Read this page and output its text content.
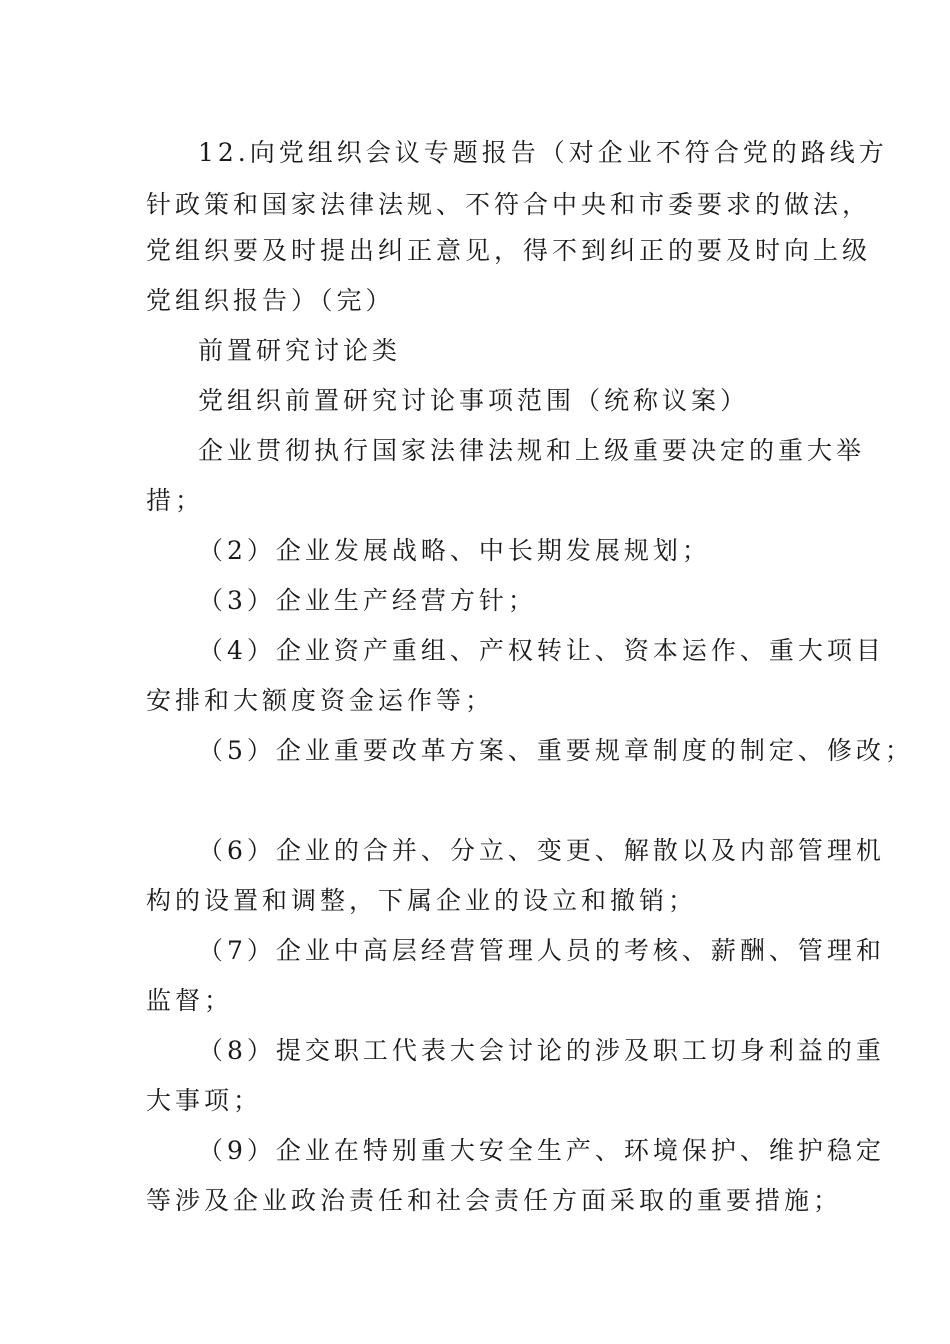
12.向党组织会议专题报告（对企业不符合党的路线方
针政策和国家法律法规、不符合中央和市委要求的做法，
党组织要及时提出纠正意见，得不到纠正的要及时向上级
党组织报告）（完）
前置研究讨论类
党组织前置研究讨论事项范围（统称议案）
企业贯彻执行国家法律法规和上级重要决定的重大举
措；
（2）企业发展战略、中长期发展规划；
（3）企业生产经营方针；
（4）企业资产重组、产权转让、资本运作、重大项目
安排和大额度资金运作等；
（5）企业重要改革方案、重要规章制度的制定、修改；
（6）企业的合并、分立、变更、解散以及内部管理机
构的设置和调整，下属企业的设立和撤销；
（7）企业中高层经营管理人员的考核、薪酬、管理和
监督；
（8）提交职工代表大会讨论的涉及职工切身利益的重
大事项；
（9）企业在特别重大安全生产、环境保护、维护稳定
等涉及企业政治责任和社会责任方面采取的重要措施；
